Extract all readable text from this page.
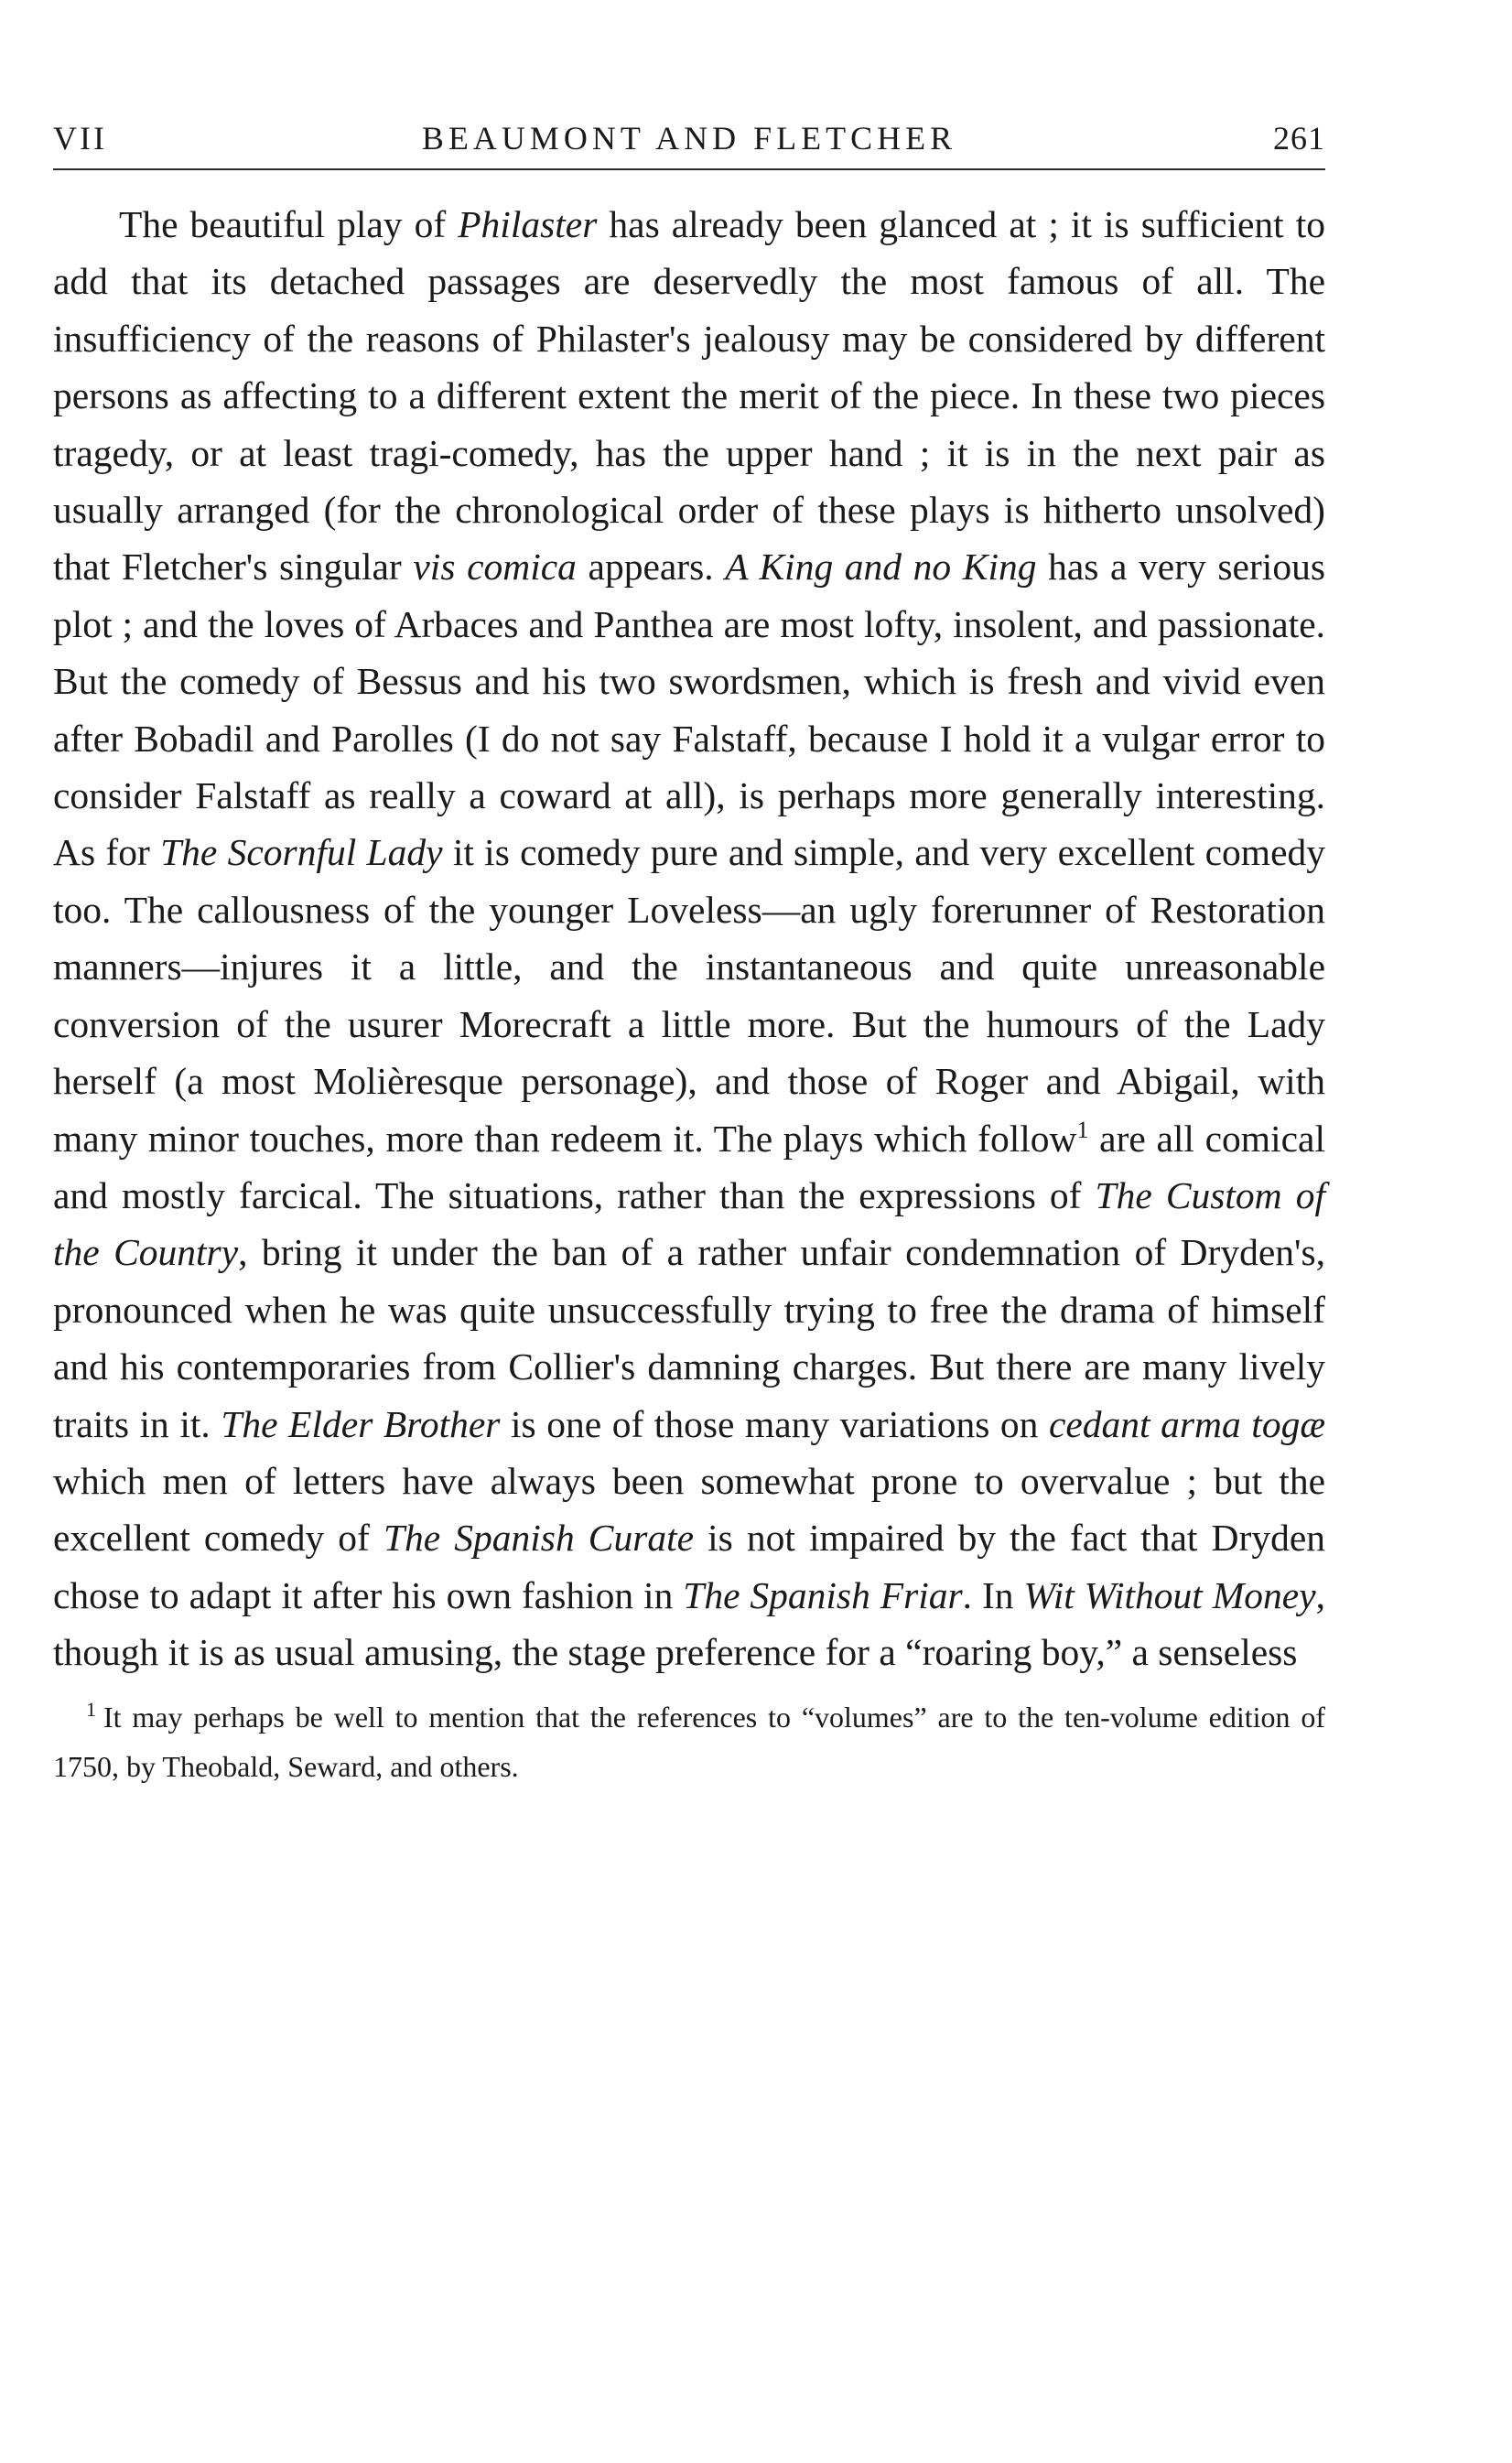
VII	BEAUMONT AND FLETCHER	261

The beautiful play of Philaster has already been glanced at ; it is sufficient to add that its detached passages are deservedly the most famous of all. The insufficiency of the reasons of Philaster's jealousy may be considered by different persons as affecting to a different extent the merit of the piece. In these two pieces tragedy, or at least tragi-comedy, has the upper hand ; it is in the next pair as usually arranged (for the chronological order of these plays is hitherto unsolved) that Fletcher's singular vis comica appears. A King and no King has a very serious plot ; and the loves of Arbaces and Panthea are most lofty, insolent, and passionate. But the comedy of Bessus and his two swordsmen, which is fresh and vivid even after Bobadil and Parolles (I do not say Falstaff, because I hold it a vulgar error to consider Falstaff as really a coward at all), is perhaps more generally interesting. As for The Scornful Lady it is comedy pure and simple, and very excellent comedy too. The callousness of the younger Loveless—an ugly forerunner of Restoration manners—injures it a little, and the instantaneous and quite unreasonable conversion of the usurer Morecraft a little more. But the humours of the Lady herself (a most Molièresque personage), and those of Roger and Abigail, with many minor touches, more than redeem it. The plays which follow$^1$ are all comical and mostly farcical. The situations, rather than the expressions of The Custom of the Country, bring it under the ban of a rather unfair condemnation of Dryden's, pronounced when he was quite unsuccessfully trying to free the drama of himself and his contemporaries from Collier's damning charges. But there are many lively traits in it. The Elder Brother is one of those many variations on cedant arma togæ which men of letters have always been somewhat prone to overvalue ; but the excellent comedy of The Spanish Curate is not impaired by the fact that Dryden chose to adapt it after his own fashion in The Spanish Friar. In Wit Without Money, though it is as usual amusing, the stage preference for a “roaring boy,” a senseless

$^1$ It may perhaps be well to mention that the references to “volumes” are to the ten-volume edition of 1750, by Theobald, Seward, and others.
